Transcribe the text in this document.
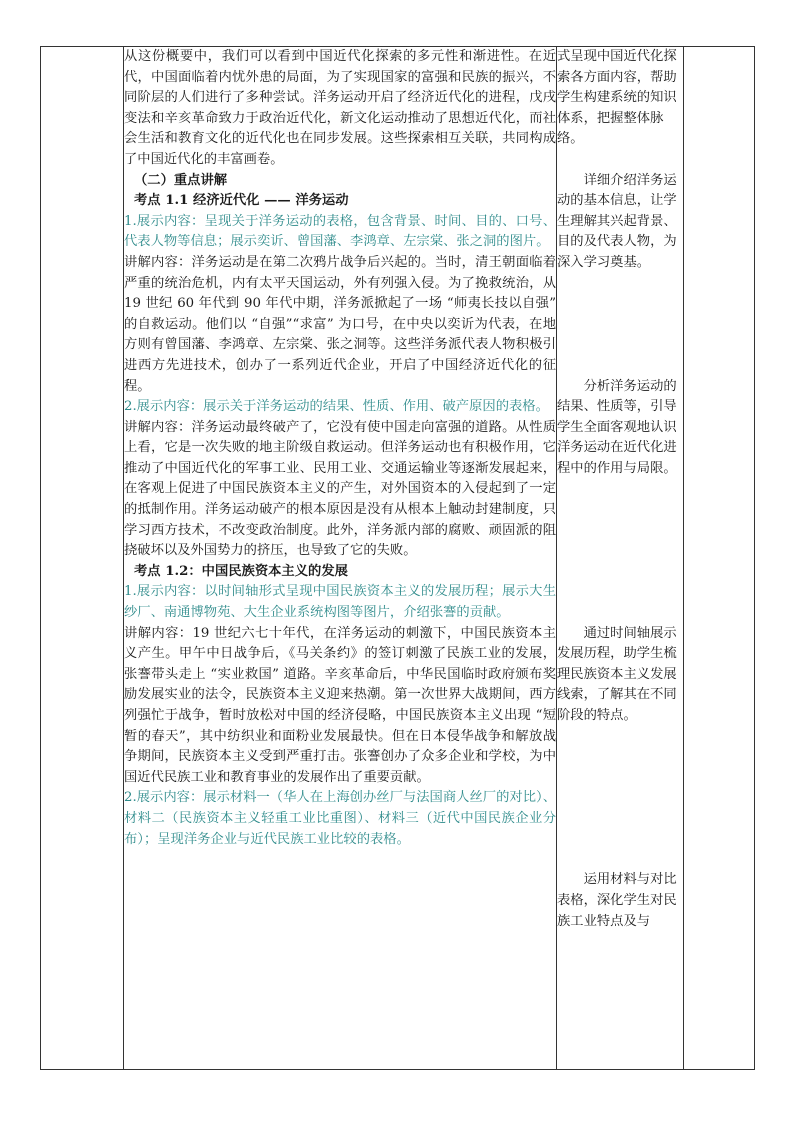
从这份概要中，我们可以看到中国近代化探索的多元性和渐进性。在近代，中国面临着内忧外患的局面，为了实现国家的富强和民族的振兴，不同阶层的人们进行了多种尝试。洋务运动开启了经济近代化的进程，戊戌变法和辛亥革命致力于政治近代化，新文化运动推动了思想近代化，而社会生活和教育文化的近代化也在同步发展。这些探索相互关联，共同构成了中国近代化的丰富画卷。

（二）重点讲解

考点 1.1 经济近代化 —— 洋务运动

1.展示内容：呈现关于洋务运动的表格，包含背景、时间、目的、口号、代表人物等信息；展示奕䜣、曾国藩、李鸿章、左宗棠、张之洞的图片。

讲解内容：洋务运动是在第二次鸦片战争后兴起的。当时，清王朝面临着严重的统治危机，内有太平天国运动，外有列强入侵。为了挽救统治，从 19 世纪 60 年代到 90 年代中期，洋务派掀起了一场 “师夷长技以自强” 的自救运动。他们以 “自强”“求富” 为口号，在中央以奕䜣为代表，在地方则有曾国藩、李鸿章、左宗棠、张之洞等。这些洋务派代表人物积极引进西方先进技术，创办了一系列近代企业，开启了中国经济近代化的征程。

2.展示内容：展示关于洋务运动的结果、性质、作用、破产原因的表格。

讲解内容：洋务运动最终破产了，它没有使中国走向富强的道路。从性质上看，它是一次失败的地主阶级自救运动。但洋务运动也有积极作用，它推动了中国近代化的军事工业、民用工业、交通运输业等逐渐发展起来，在客观上促进了中国民族资本主义的产生，对外国资本的入侵起到了一定的抵制作用。洋务运动破产的根本原因是没有从根本上触动封建制度，只学习西方技术，不改变政治制度。此外，洋务派内部的腐败、顽固派的阻挠破坏以及外国势力的挤压，也导致了它的失败。

考点 1.2：中国民族资本主义的发展

1.展示内容：以时间轴形式呈现中国民族资本主义的发展历程；展示大生纱厂、南通博物苑、大生企业系统构图等图片，介绍张謇的贡献。

讲解内容：19 世纪六七十年代，在洋务运动的刺激下，中国民族资本主义产生。甲午中日战争后，《马关条约》的签订刺激了民族工业的发展，张謇带头走上 “实业救国” 道路。辛亥革命后，中华民国临时政府颁布奖励发展实业的法令，民族资本主义迎来热潮。第一次世界大战期间，西方列强忙于战争，暂时放松对中国的经济侵略，中国民族资本主义出现 “短暂的春天”，其中纺织业和面粉业发展最快。但在日本侵华战争和解放战争期间，民族资本主义受到严重打击。张謇创办了众多企业和学校，为中国近代民族工业和教育事业的发展作出了重要贡献。

2.展示内容：展示材料一（华人在上海创办丝厂与法国商人丝厂的对比）、材料二（民族资本主义轻重工业比重图）、材料三（近代中国民族企业分布）；呈现洋务企业与近代民族工业比较的表格。

式呈现中国近代化探索各方面内容，帮助学生构建系统的知识体系，把握整体脉络。

详细介绍洋务运动的基本信息，让学生理解其兴起背景、目的及代表人物，为深入学习奠基。

分析洋务运动的结果、性质等，引导学生全面客观地认识洋务运动在近代化进程中的作用与局限。

通过时间轴展示发展历程，助学生梳理民族资本主义发展线索，了解其在不同阶段的特点。

运用材料与对比表格，深化学生对民族工业特点及与
